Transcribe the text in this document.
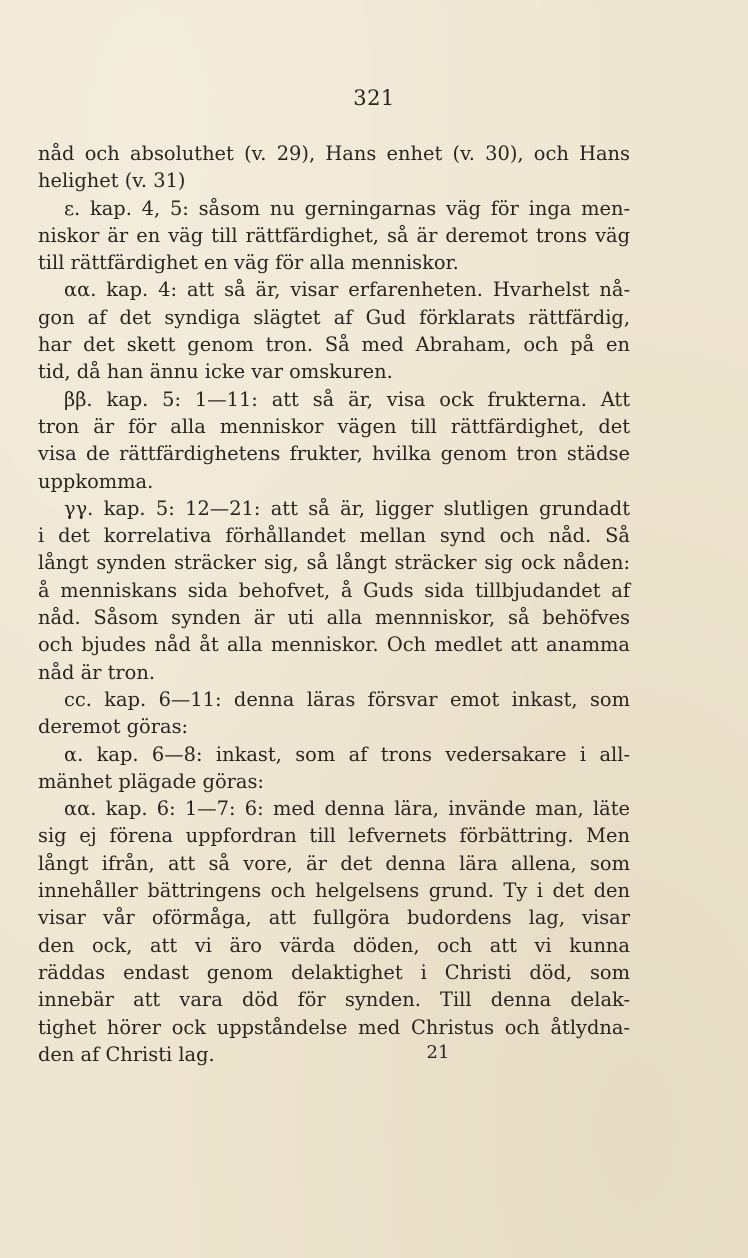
321
nåd och absoluthet (v. 29), Hans enhet (v. 30), och Hans
helighet (v. 31)
ε. kap. 4, 5: såsom nu gerningarnas väg för inga men-
niskor är en väg till rättfärdighet, så är deremot trons väg
till rättfärdighet en väg för alla menniskor.
αα. kap. 4: att så är, visar erfarenheten. Hvarhelst nå-
gon af det syndiga slägtet af Gud förklarats rättfärdig,
har det skett genom tron. Så med Abraham, och på en
tid, då han ännu icke var omskuren.
ββ. kap. 5: 1—11: att så är, visa ock frukterna. Att
tron är för alla menniskor vägen till rättfärdighet, det
visa de rättfärdighetens frukter, hvilka genom tron städse
uppkomma.
γγ. kap. 5: 12—21: att så är, ligger slutligen grundadt
i det korrelativa förhållandet mellan synd och nåd. Så
långt synden sträcker sig, så långt sträcker sig ock nåden:
å menniskans sida behofvet, å Guds sida tillbjudandet af
nåd. Såsom synden är uti alla mennniskor, så behöfves
och bjudes nåd åt alla menniskor. Och medlet att anamma
nåd är tron.
cc. kap. 6—11: denna läras försvar emot inkast, som
deremot göras:
α. kap. 6—8: inkast, som af trons vedersakare i all-
mänhet plägade göras:
αα. kap. 6: 1—7: 6: med denna lära, invände man, läte
sig ej förena uppfordran till lefvernets förbättring. Men
långt ifrån, att så vore, är det denna lära allena, som
innehåller bättringens och helgelsens grund. Ty i det den
visar vår oförmåga, att fullgöra budordens lag, visar
den ock, att vi äro värda döden, och att vi kunna
räddas endast genom delaktighet i Christi död, som
innebär att vara död för synden. Till denna delak-
tighet hörer ock uppståndelse med Christus och åtlydna-
den af Christi lag.	21
